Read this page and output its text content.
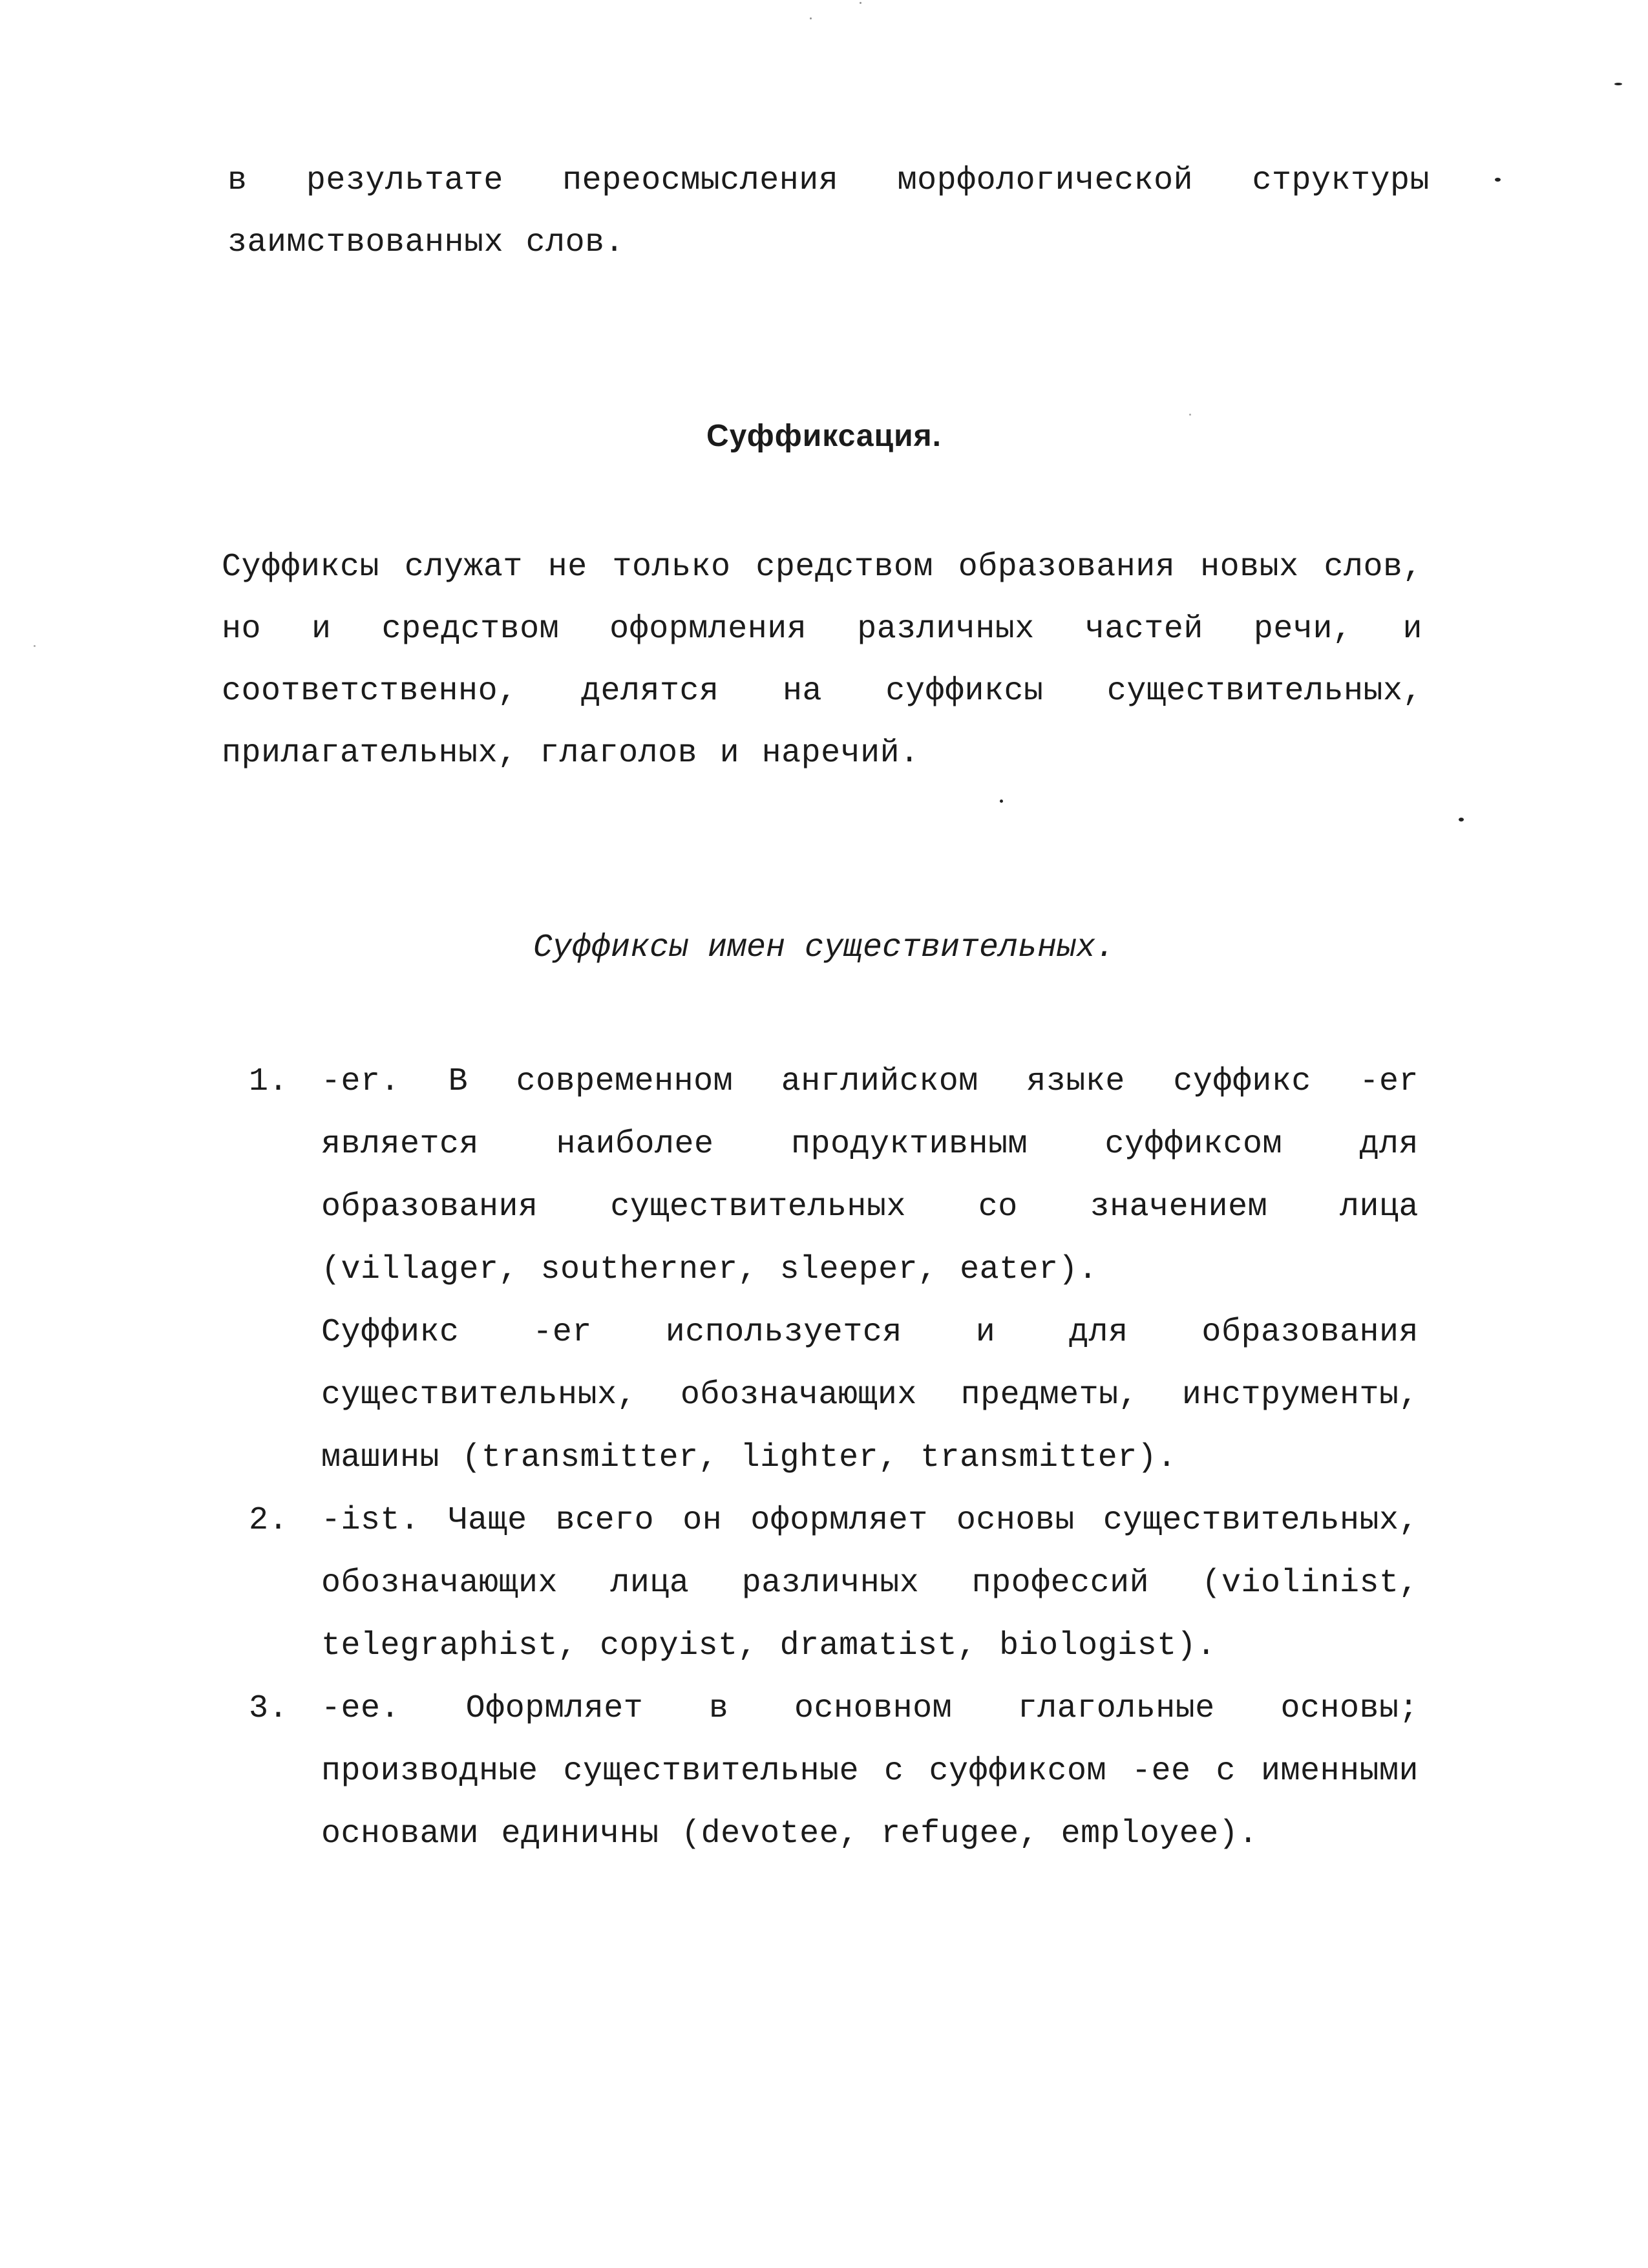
в результате переосмысления морфологической структуры заимствованных слов.
Суффиксация.
Суффиксы служат не только средством образования новых слов, но и средством оформления различных частей речи, и соответственно, делятся на суффиксы существительных, прилагательных, глаголов и наречий.
Суффиксы имен существительных.
1. -er. В современном английском языке суффикс -er является наиболее продуктивным суффиксом для образования существительных со значением лица (villager, southerner, sleeper, eater).
Суффикс -er используется и для образования существительных, обозначающих предметы, инструменты, машины (transmitter, lighter, transmitter).
2. -ist. Чаще всего он оформляет основы существительных, обозначающих лица различных профессий (violinist, telegraphist, copyist, dramatist, biologist).
3. -ee. Оформляет в основном глагольные основы; производные существительные с суффиксом -ee с именными основами единичны (devotee, refugee, employee).
